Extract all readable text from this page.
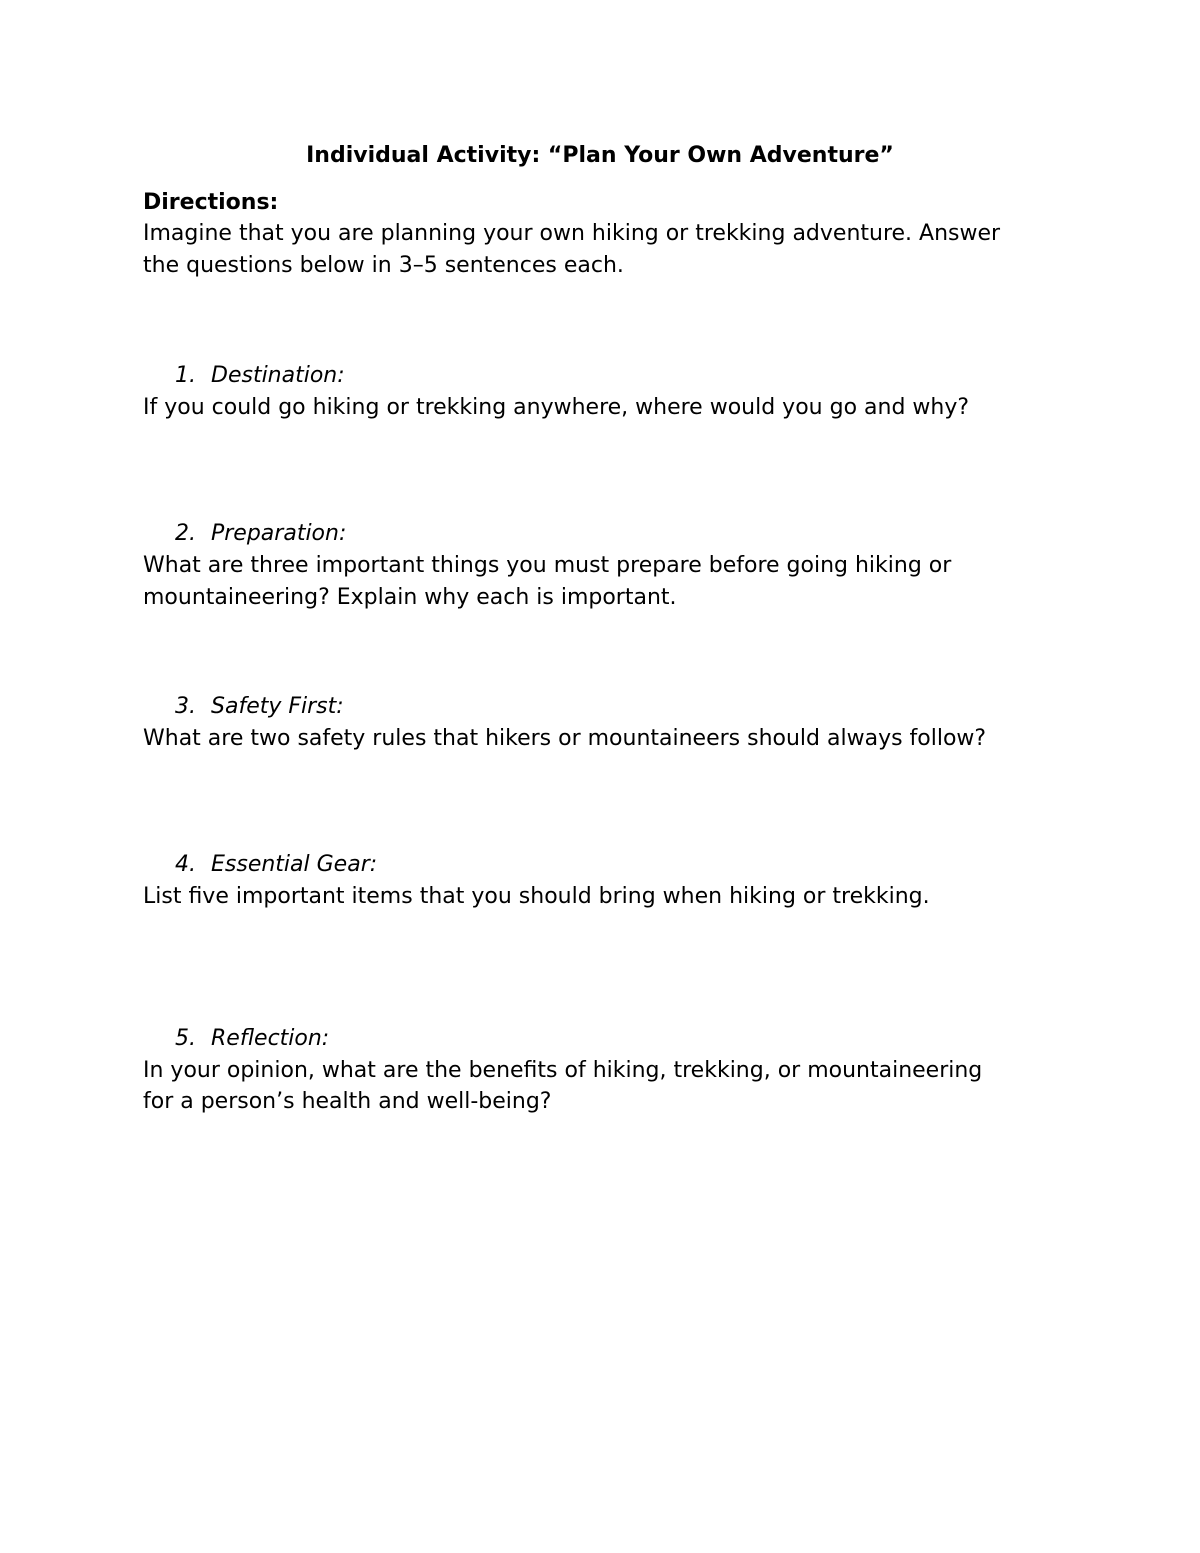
Individual Activity: “Plan Your Own Adventure”
Directions:
Imagine that you are planning your own hiking or trekking adventure. Answer
the questions below in 3–5 sentences each.
1. Destination:
If you could go hiking or trekking anywhere, where would you go and why?
2. Preparation:
What are three important things you must prepare before going hiking or
mountaineering? Explain why each is important.
3. Safety First:
What are two safety rules that hikers or mountaineers should always follow?
4. Essential Gear:
List five important items that you should bring when hiking or trekking.
5. Reflection:
In your opinion, what are the benefits of hiking, trekking, or mountaineering
for a person’s health and well-being?
